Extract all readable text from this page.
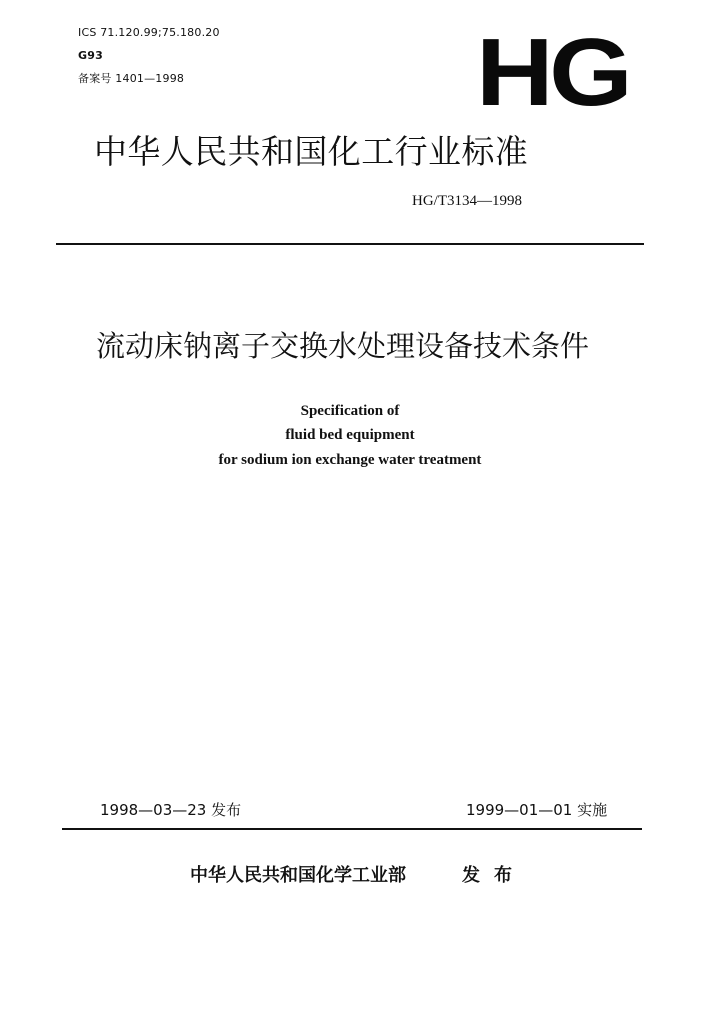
ICS 71.120.99;75.180.20
G93
备案号 1401—1998	HG
中华人民共和国化工行业标准
HG/T3134—1998
流动床钠离子交换水处理设备技术条件
Specification of
fluid bed equipment
for sodium ion exchange water treatment
1998—03—23 发布	1999—01—01 实施
中华人民共和国化学工业部	发布
